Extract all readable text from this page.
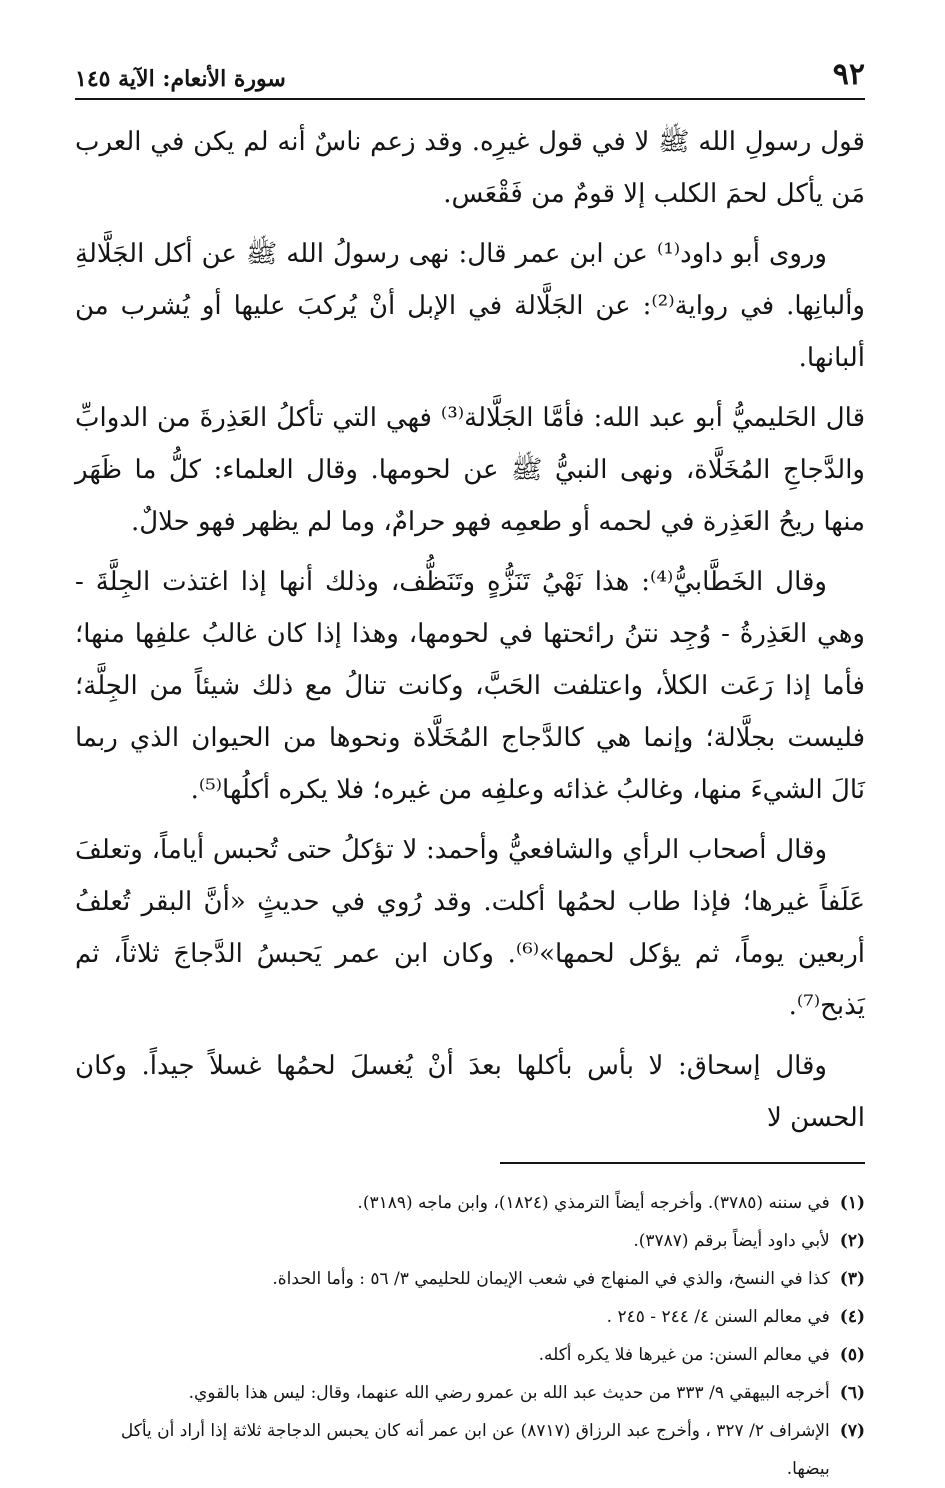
٩٢
سورة الأنعام: الآية ١٤٥

قول رسولِ الله ﷺ لا في قول غيرِه. وقد زعم ناسٌ أنه لم يكن في العرب مَن يأكل لحمَ الكلب إلا قومٌ من فَقْعَس.

وروى أبو داود⁽¹⁾ عن ابن عمر قال: نهى رسولُ الله ﷺ عن أكل الجَلَّالةِ وألبانِها. في رواية⁽²⁾: عن الجَلَّالة في الإبل أنْ يُركبَ عليها أو يُشرب من ألبانها.

قال الحَليميُّ أبو عبد الله: فأمَّا الجَلَّالة⁽³⁾ فهي التي تأكلُ العَذِرةَ من الدوابِّ والدَّجاجِ المُخَلَّاة، ونهى النبيُّ ﷺ عن لحومها. وقال العلماء: كلُّ ما ظَهَر منها ريحُ العَذِرة في لحمه أو طعمِه فهو حرامٌ، وما لم يظهر فهو حلالٌ.

وقال الخَطَّابيُّ⁽⁴⁾: هذا نَهْيُ تَنَزُّهٍ وتَنَظُّف، وذلك أنها إذا اغتذت الجِلَّةَ - وهي العَذِرةُ - وُجِد نتنُ رائحتها في لحومها، وهذا إذا كان غالبُ علفِها منها؛ فأما إذا رَعَت الكلأ، واعتلفت الحَبَّ، وكانت تنالُ مع ذلك شيئاً من الجِلَّة؛ فليست بجلَّالة؛ وإنما هي كالدَّجاج المُخَلَّاة ونحوها من الحيوان الذي ربما نَالَ الشيءَ منها، وغالبُ غذائه وعلفِه من غيره؛ فلا يكره أكلُها⁽⁵⁾.

وقال أصحاب الرأي والشافعيُّ وأحمد: لا تؤكلُ حتى تُحبس أياماً، وتعلفَ عَلَفاً غيرها؛ فإذا طاب لحمُها أكلت. وقد رُوي في حديثٍ «أنَّ البقر تُعلفُ أربعين يوماً، ثم يؤكل لحمها»⁽⁶⁾. وكان ابن عمر يَحبسُ الدَّجاجَ ثلاثاً، ثم يَذبح⁽⁷⁾.

وقال إسحاق: لا بأس بأكلها بعدَ أنْ يُغسلَ لحمُها غسلاً جيداً. وكان الحسن لا

(١)
في سننه (٣٧٨٥). وأخرجه أيضاً الترمذي (١٨٢٤)، وابن ماجه (٣١٨٩).
(٢)
لأبي داود أيضاً برقم (٣٧٨٧).
(٣)
كذا في النسخ، والذي في المنهاج في شعب الإيمان للحليمي ٣/ ٥٦ : وأما الحداة.
(٤)
في معالم السنن ٤/ ٢٤٤ - ٢٤٥ .
(٥)
في معالم السنن: من غيرها فلا يكره أكله.
(٦)
أخرجه البيهقي ٩/ ٣٣٣ من حديث عبد الله بن عمرو رضي الله عنهما، وقال: ليس هذا بالقوي.
(٧)
الإشراف ٢/ ٣٢٧ ، وأخرج عبد الرزاق (٨٧١٧) عن ابن عمر أنه كان يحبس الدجاجة ثلاثة إذا أراد أن يأكل بيضها.
